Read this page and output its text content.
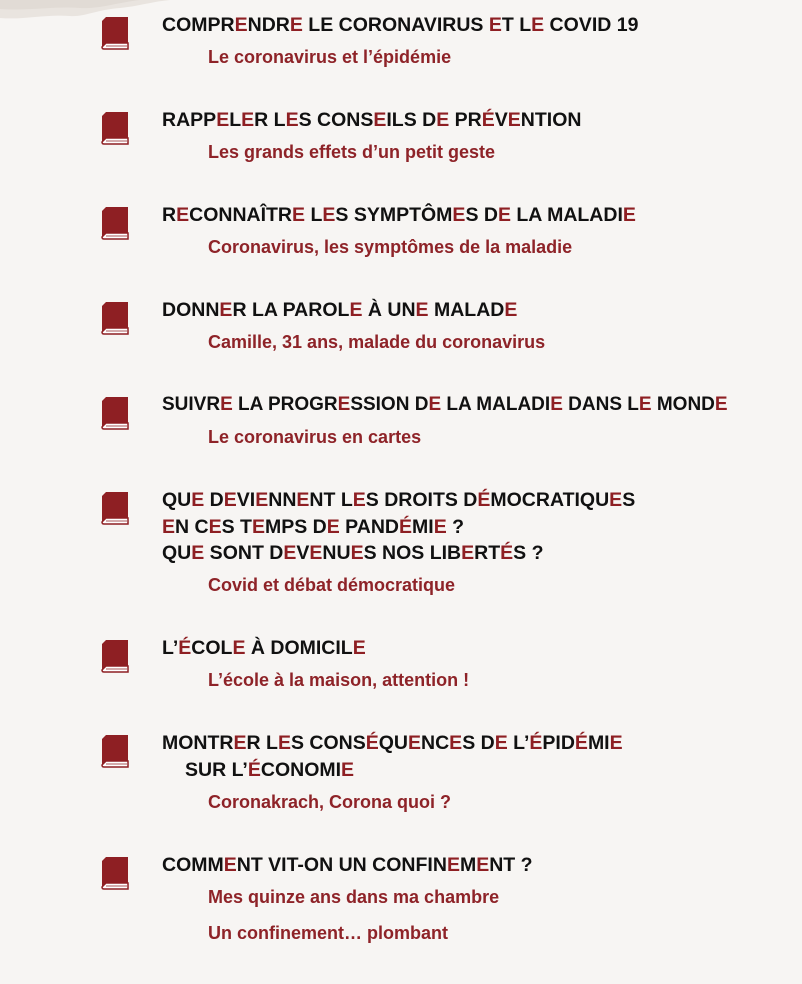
COMPRENDRE LE CORONAVIRUS ET LE COVID 19
Le coronavirus et l’épidémie
RAPPELER LES CONSEILS DE PRÉVENTION
Les grands effets d’un petit geste
RECONNAÎTRE LES SYMPTÔMES DE LA MALADIE
Coronavirus, les symptômes de la maladie
DONNER LA PAROLE À UNE MALADE
Camille, 31 ans, malade du coronavirus
SUIVRE LA PROGRESSION DE LA MALADIE DANS LE MONDE
Le coronavirus en cartes
QUE DEVIENNENT LES DROITS DÉMOCRATIQUES
EN CES TEMPS DE PANDÉMIE ?
QUE SONT DEVENUES NOS LIBERTÉS ?
Covid et débat démocratique
L’ÉCOLE À DOMICILE
L’école à la maison, attention !
MONTRER LES CONSÉQUENCES DE L’ÉPIDÉMIE
SUR L’ÉCONOMIE
Coronakrach, Corona quoi ?
COMMENT VIT-ON UN CONFINEMENT ?
Mes quinze ans dans ma chambre
Un confinement… plombant
